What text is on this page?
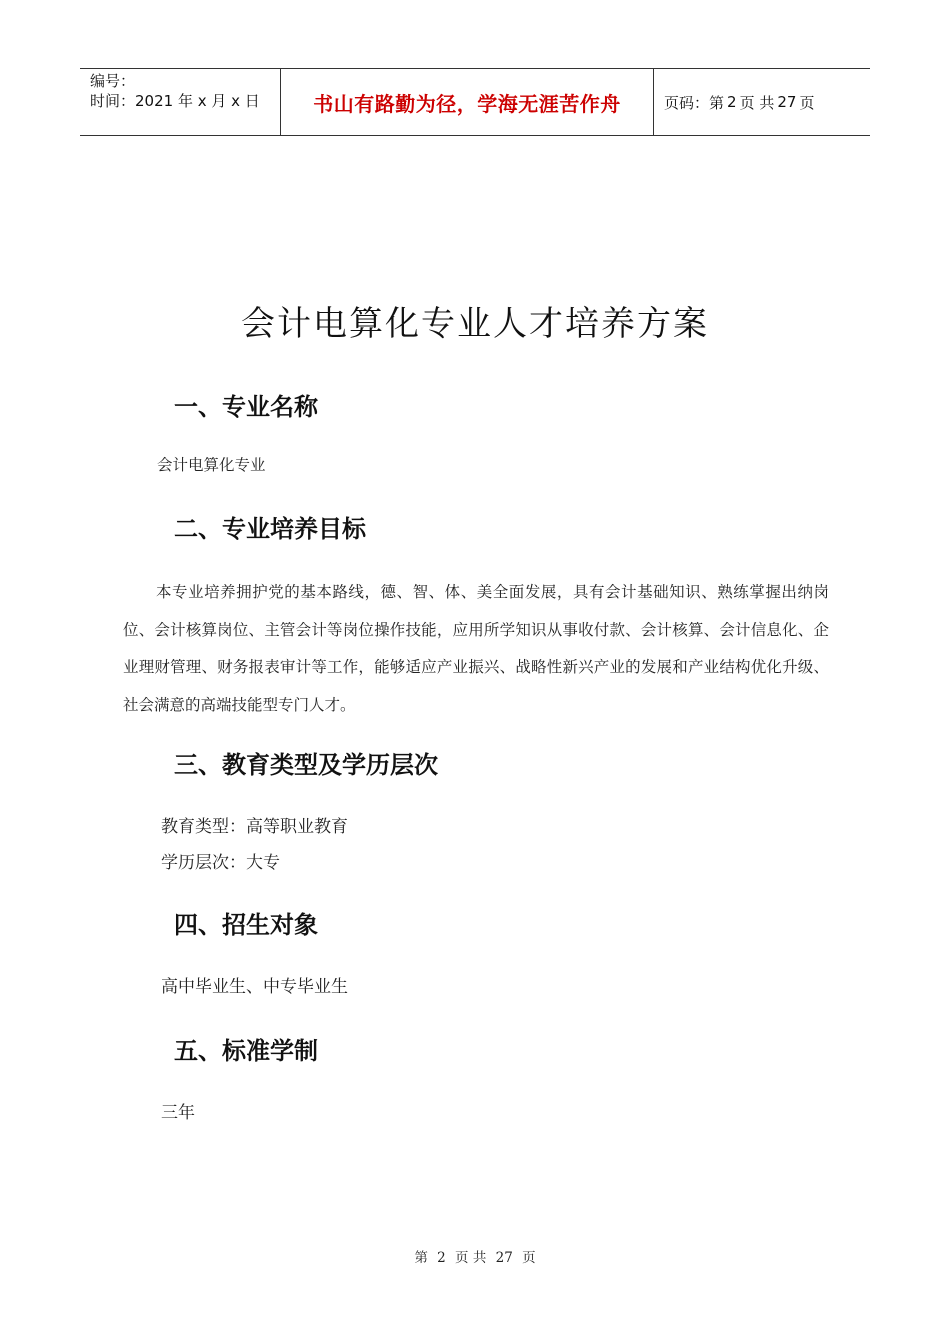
编号：
时间：2021 年 x 月 x 日	书山有路勤为径，学海无涯苦作舟	页码：第 2 页 共 27 页
会计电算化专业人才培养方案
一、专业名称
会计电算化专业
二、专业培养目标
本专业培养拥护党的基本路线，德、智、体、美全面发展，具有会计基础知识、熟练掌握出纳岗位、会计核算岗位、主管会计等岗位操作技能，应用所学知识从事收付款、会计核算、会计信息化、企业理财管理、财务报表审计等工作，能够适应产业振兴、战略性新兴产业的发展和产业结构优化升级、社会满意的高端技能型专门人才。
三、教育类型及学历层次
教育类型：高等职业教育
学历层次：大专
四、招生对象
高中毕业生、中专毕业生
五、标准学制
三年
第 2 页 共 27 页
